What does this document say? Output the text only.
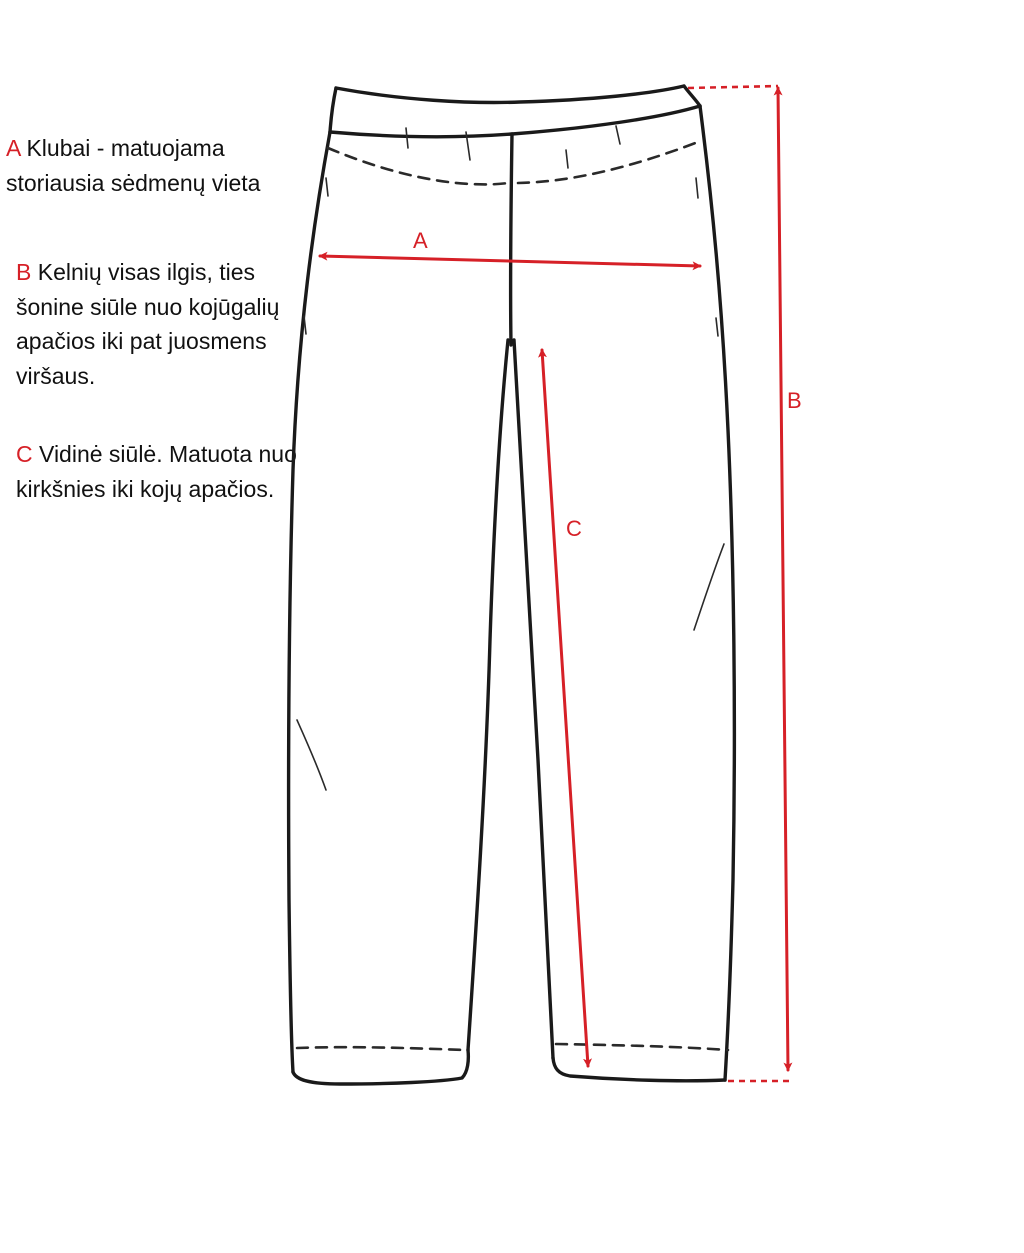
A Klubai - matuojama storiausia sėdmenų vieta

B Kelnių visas ilgis, ties šonine siūle nuo kojūgalių apačios iki pat juosmens viršaus.

C Vidinė siūlė. Matuota nuo kirkšnies iki kojų apačios.

A
B
C
